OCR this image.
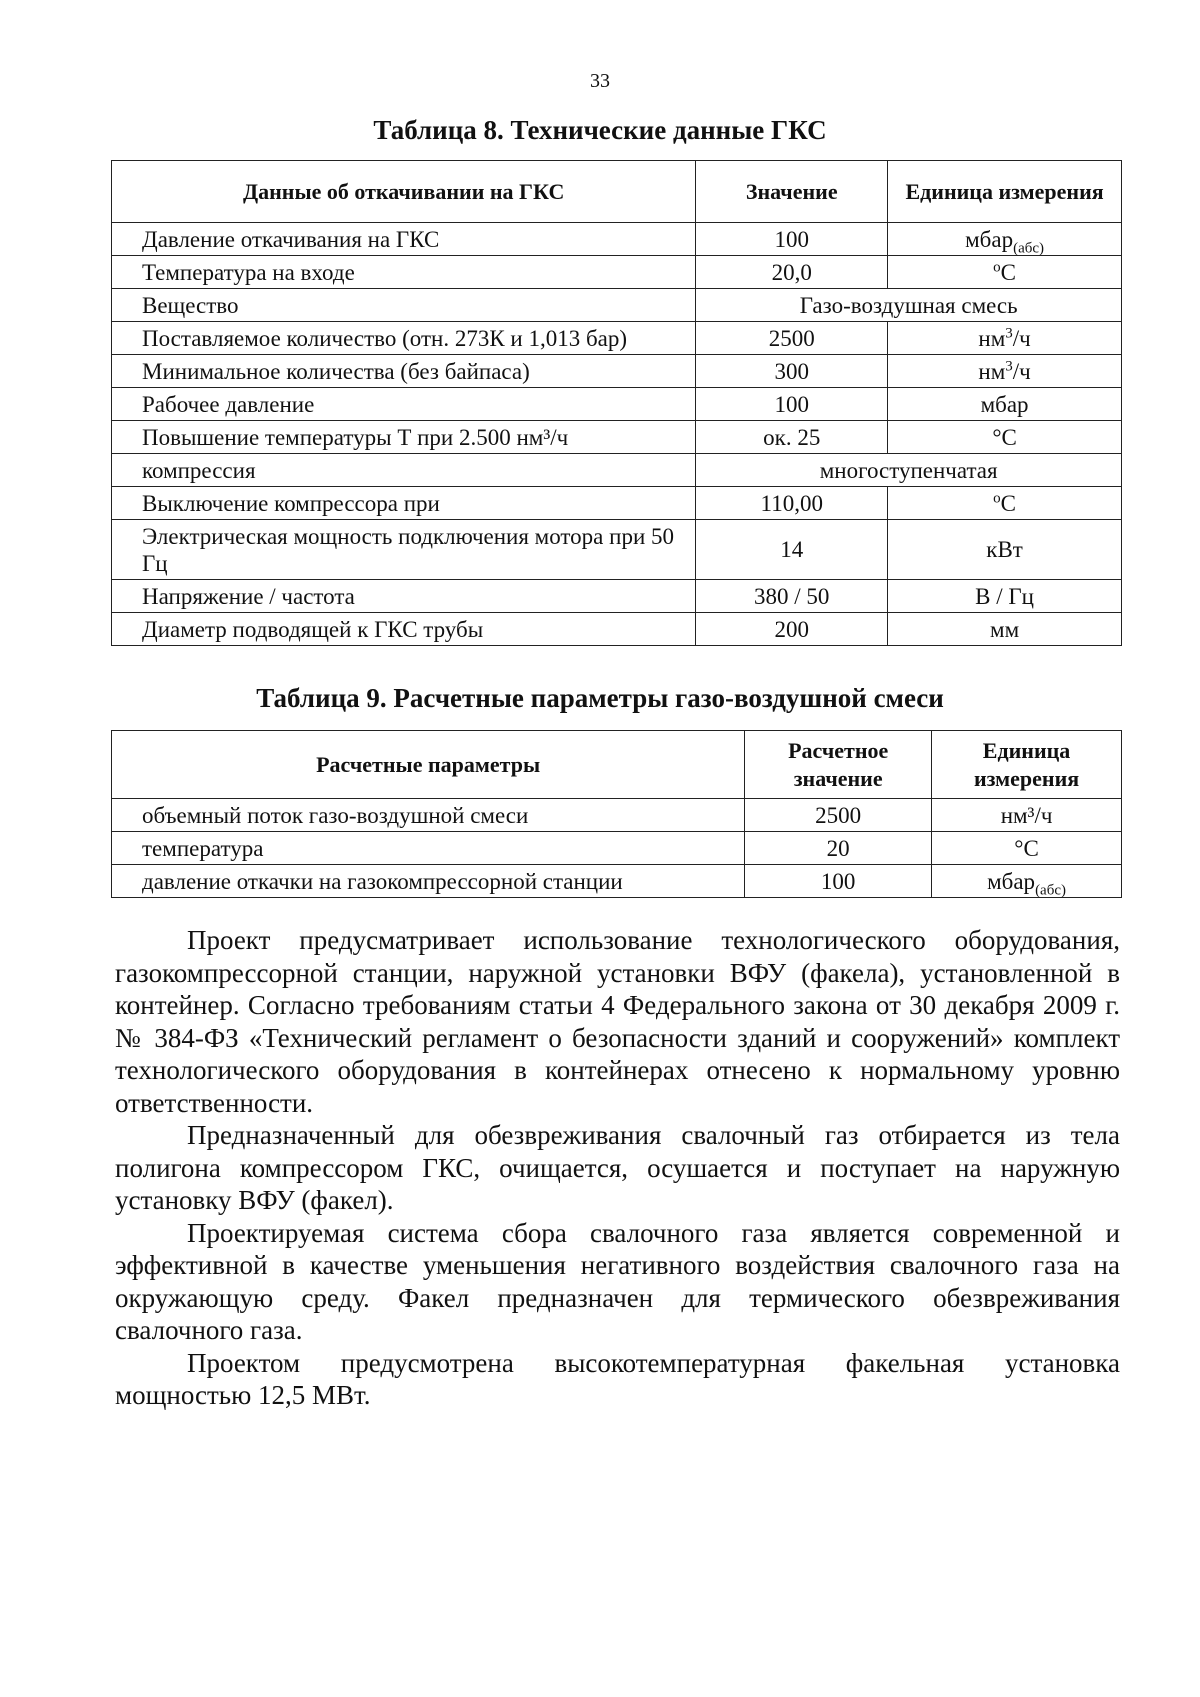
33
Таблица 8. Технические данные ГКС
Данные об откачивании на ГКС	Значение	Единица измерения
Давление откачивания на ГКС	100	мбар$_{(абс)}$
Температура на входе	20,0	$^o$C
Вещество	Газо-воздушная смесь	
Поставляемое количество (отн. 273К и 1,013 бар)	2500	$нм^3/ч$
Минимальное количества (без байпаса)	300	$нм^3/ч$
Рабочее давление	100	мбар
Повышение температуры Т при 2.500 нм³/ч	ок. 25	°C
компрессия	многоступенчатая	
Выключение компрессора при	110,00	$^o$C
Электрическая мощность подключения мотора при 50 Гц	14	кВт
Напряжение / частота	380 / 50	В / Гц
Диаметр подводящей к ГКС трубы	200	мм
Таблица 9. Расчетные параметры газо-воздушной смеси
Расчетные параметры	Расчетное значение	Единица измерения
объемный поток газо-воздушной смеси	2500	нм³/ч
температура	20	°C
давление откачки на газокомпрессорной станции	100	мбар$_{(абс)}$

Проект предусматривает использование технологического оборудования, газокомпрессорной станции, наружной установки ВФУ (факела), установленной в контейнер. Согласно требованиям статьи 4 Федерального закона от 30 декабря 2009 г. № 384-ФЗ «Технический регламент о безопасности зданий и сооружений» комплект технологического оборудования в контейнерах отнесено к нормальному уровню ответственности.

Предназначенный для обезвреживания свалочный газ отбирается из тела полигона компрессором ГКС, очищается, осушается и поступает на наружную установку ВФУ (факел).

Проектируемая система сбора свалочного газа является современной и эффективной в качестве уменьшения негативного воздействия свалочного газа на окружающую среду. Факел предназначен для термического обезвреживания свалочного газа.

Проектом предусмотрена высокотемпературная факельная установка мощностью 12,5 МВт.
